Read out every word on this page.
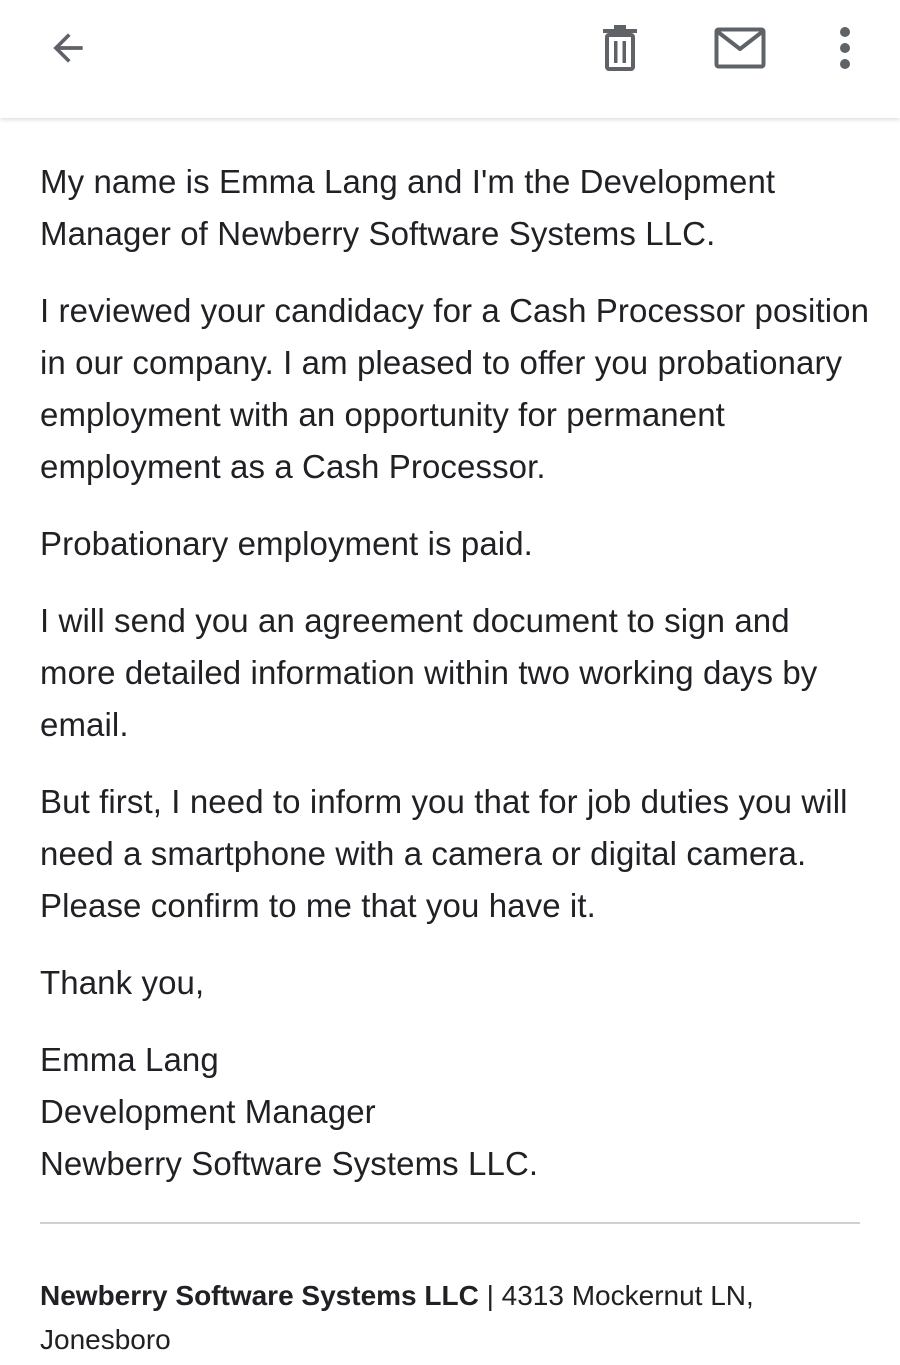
My name is Emma Lang and I'm the Development Manager of Newberry Software Systems LLC.

I reviewed your candidacy for a Cash Processor position in our company. I am pleased to offer you probationary employment with an opportunity for permanent employment as a Cash Processor.

Probationary employment is paid.

I will send you an agreement document to sign and more detailed information within two working days by email.

But first, I need to inform you that for job duties you will need a smartphone with a camera or digital camera. Please confirm to me that you have it.

Thank you,

Emma Lang
Development Manager
Newberry Software Systems LLC.

Newberry Software Systems LLC | 4313 Mockernut LN, Jonesboro
